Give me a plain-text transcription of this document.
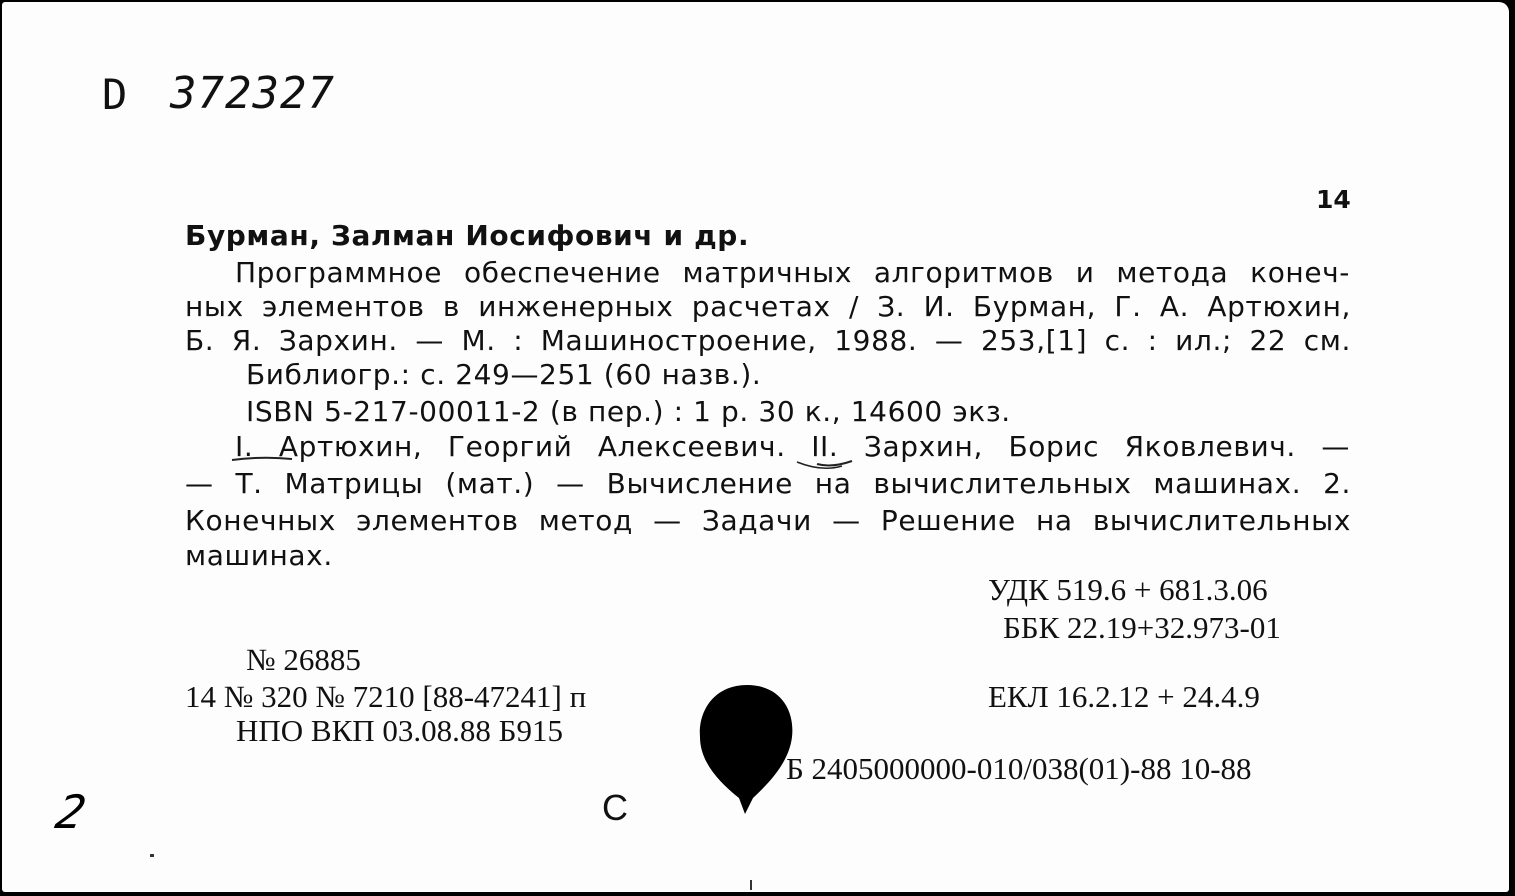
D 372327
14
Бурман, Залман Иосифович и др.
Программное обеспечение матричных алгоритмов и метода конеч-
ных элементов в инженерных расчетах / З. И. Бурман, Г. А. Артюхин,
Б. Я. Зархин. — М. : Машиностроение, 1988. — 253,[1] с. : ил.; 22 см.
Библиогр.: с. 249—251 (60 назв.).
ISBN 5-217-00011-2 (в пер.) : 1 р. 30 к., 14600 экз.
I. Артюхин, Георгий Алексеевич. II. Зархин, Борис Яковлевич. —
— Т. Матрицы (мат.) — Вычисление на вычислительных машинах. 2.
Конечных элементов метод — Задачи — Решение на вычислительных
машинах.
УДК 519.6 + 681.3.06
ББК 22.19+32.973-01
№ 26885
14 № 320 № 7210 [88-47241] п
НПО ВКП 03.08.88 Б915
ЕКЛ 16.2.12 + 24.4.9
Б 2405000000-010/038(01)-88 10-88
С
2
